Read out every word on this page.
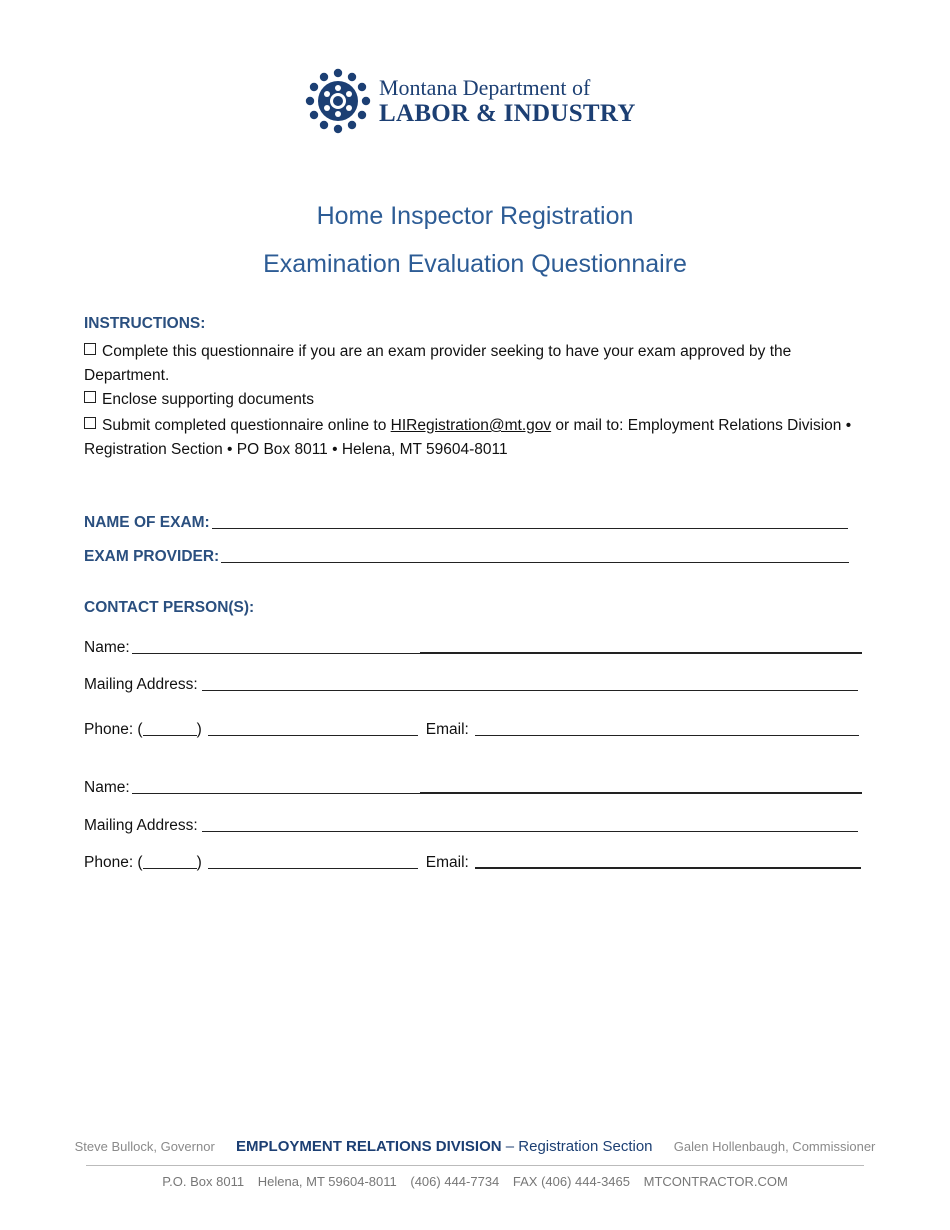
Montana Department of
LABOR & INDUSTRY
Home Inspector Registration
Examination Evaluation Questionnaire
INSTRUCTIONS:
Complete this questionnaire if you are an exam provider seeking to have your exam approved by the Department.
Enclose supporting documents
Submit completed questionnaire online to HIRegistration@mt.gov or mail to: Employment Relations Division • Registration Section • PO Box 8011 • Helena, MT 59604-8011
NAME OF EXAM:
EXAM PROVIDER:
CONTACT PERSON(S):
Name:
Mailing Address:
Phone: (	)	Email:
Name:
Mailing Address:
Phone: (	)	Email:
Steve Bullock, Governor EMPLOYMENT RELATIONS DIVISION – Registration Section Galen Hollenbaugh, Commissioner
P.O. Box 8011 Helena, MT 59604-8011 (406) 444-7734 FAX (406) 444-3465 MTCONTRACTOR.COM
